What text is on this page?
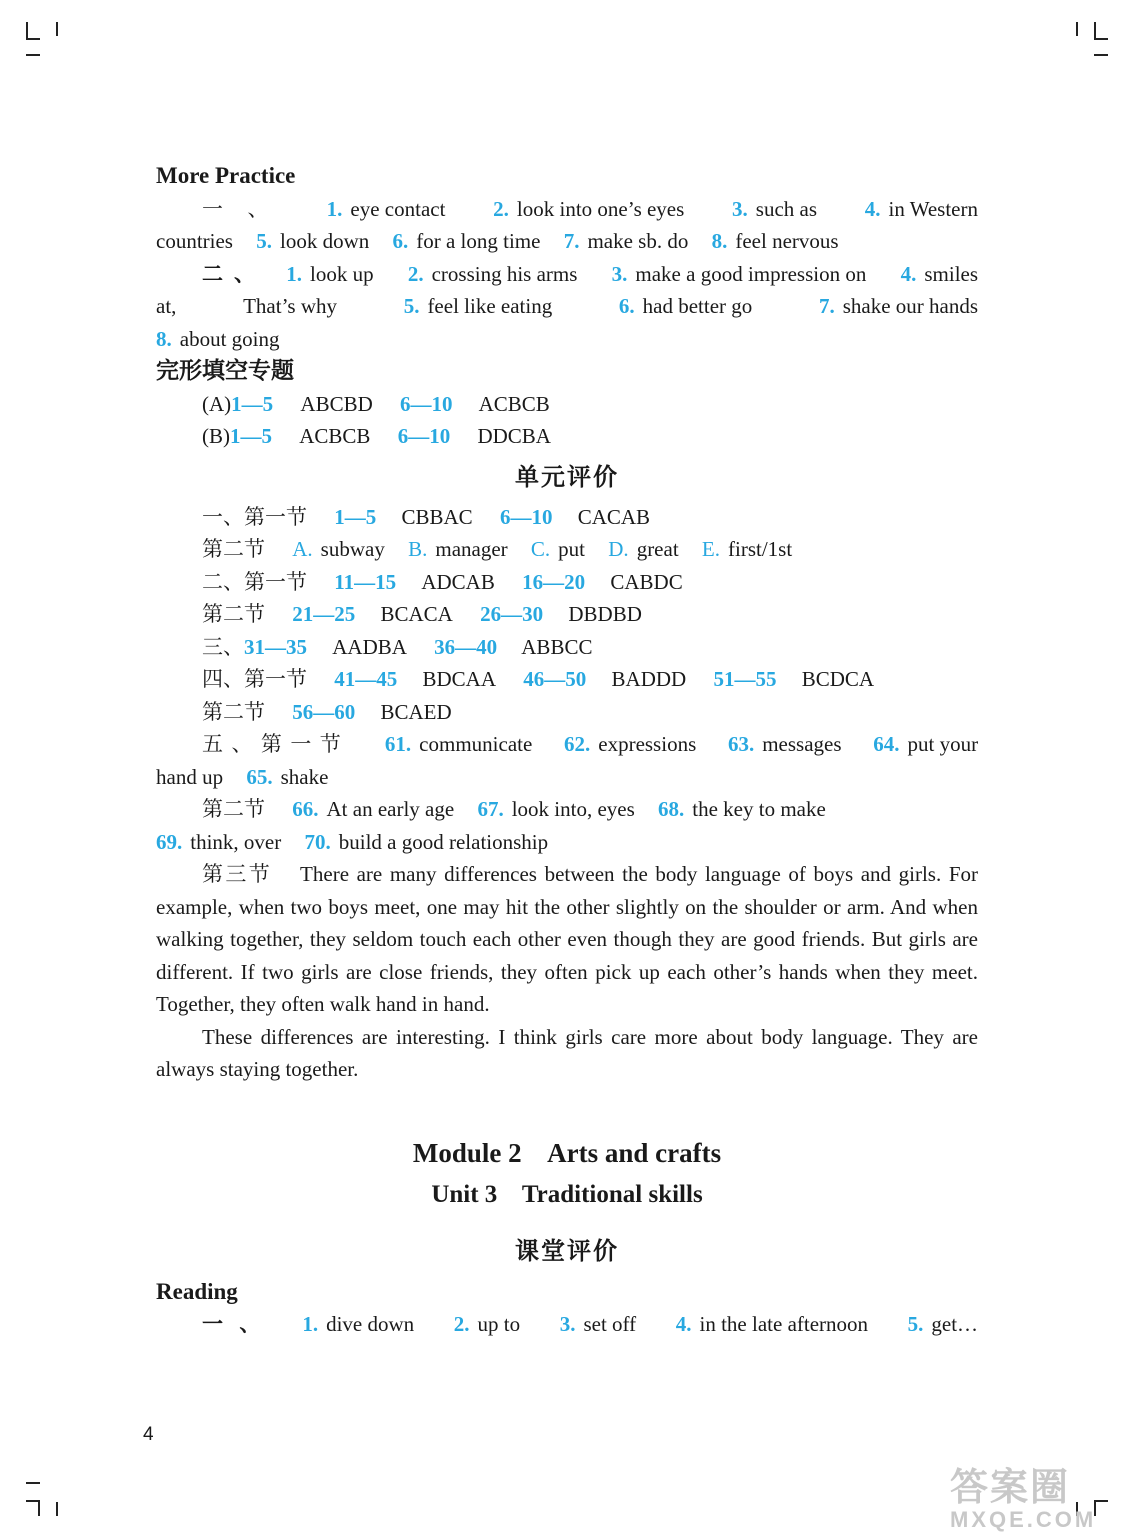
More Practice
一、 1. eye contact 2. look into one’s eyes 3. such as 4. in Western
countries 5. look down 6. for a long time 7. make sb. do 8. feel nervous
二、 1. look up 2. crossing his arms 3. make a good impression on 4. smiles
at,	That’s why	5. feel like eating	6. had better go	7. shake our hands
8. about going
完形填空专题
(A)1—5 ABCBD 6—10 ACBCB
(B)1—5 ACBCB 6—10 DDCBA
单元评价
一、第一节 1—5 CBBAC 6—10 CACAB
第二节 A. subway B. manager C. put D. great E. first/1st
二、第一节 11—15 ADCAB 16—20 CABDC
第二节 21—25 BCACA 26—30 DBDBD
三、31—35 AADBA 36—40 ABBCC
四、第一节 41—45 BDCAA 46—50 BADDD 51—55 BCDCA
第二节 56—60 BCAED
五、第一节 61. communicate 62. expressions 63. messages 64. put your
hand up 65. shake
第二节 66. At an early age 67. look into, eyes 68. the key to make
69. think, over 70. build a good relationship
第三节 There are many differences between the body language of boys and girls. For example, when two boys meet, one may hit the other slightly on the shoulder or arm. And when walking together, they seldom touch each other even though they are good friends. But girls are different. If two girls are close friends, they often pick up each other’s hands when they meet. Together, they often walk hand in hand.
These differences are interesting. I think girls care more about body language. They are always staying together.
Module 2    Arts and crafts
Unit 3    Traditional skills
课堂评价
Reading
一、 1. dive down 2. up to 3. set off 4. in the late afternoon 5. get…
4
答案圈
MXQE.COM
